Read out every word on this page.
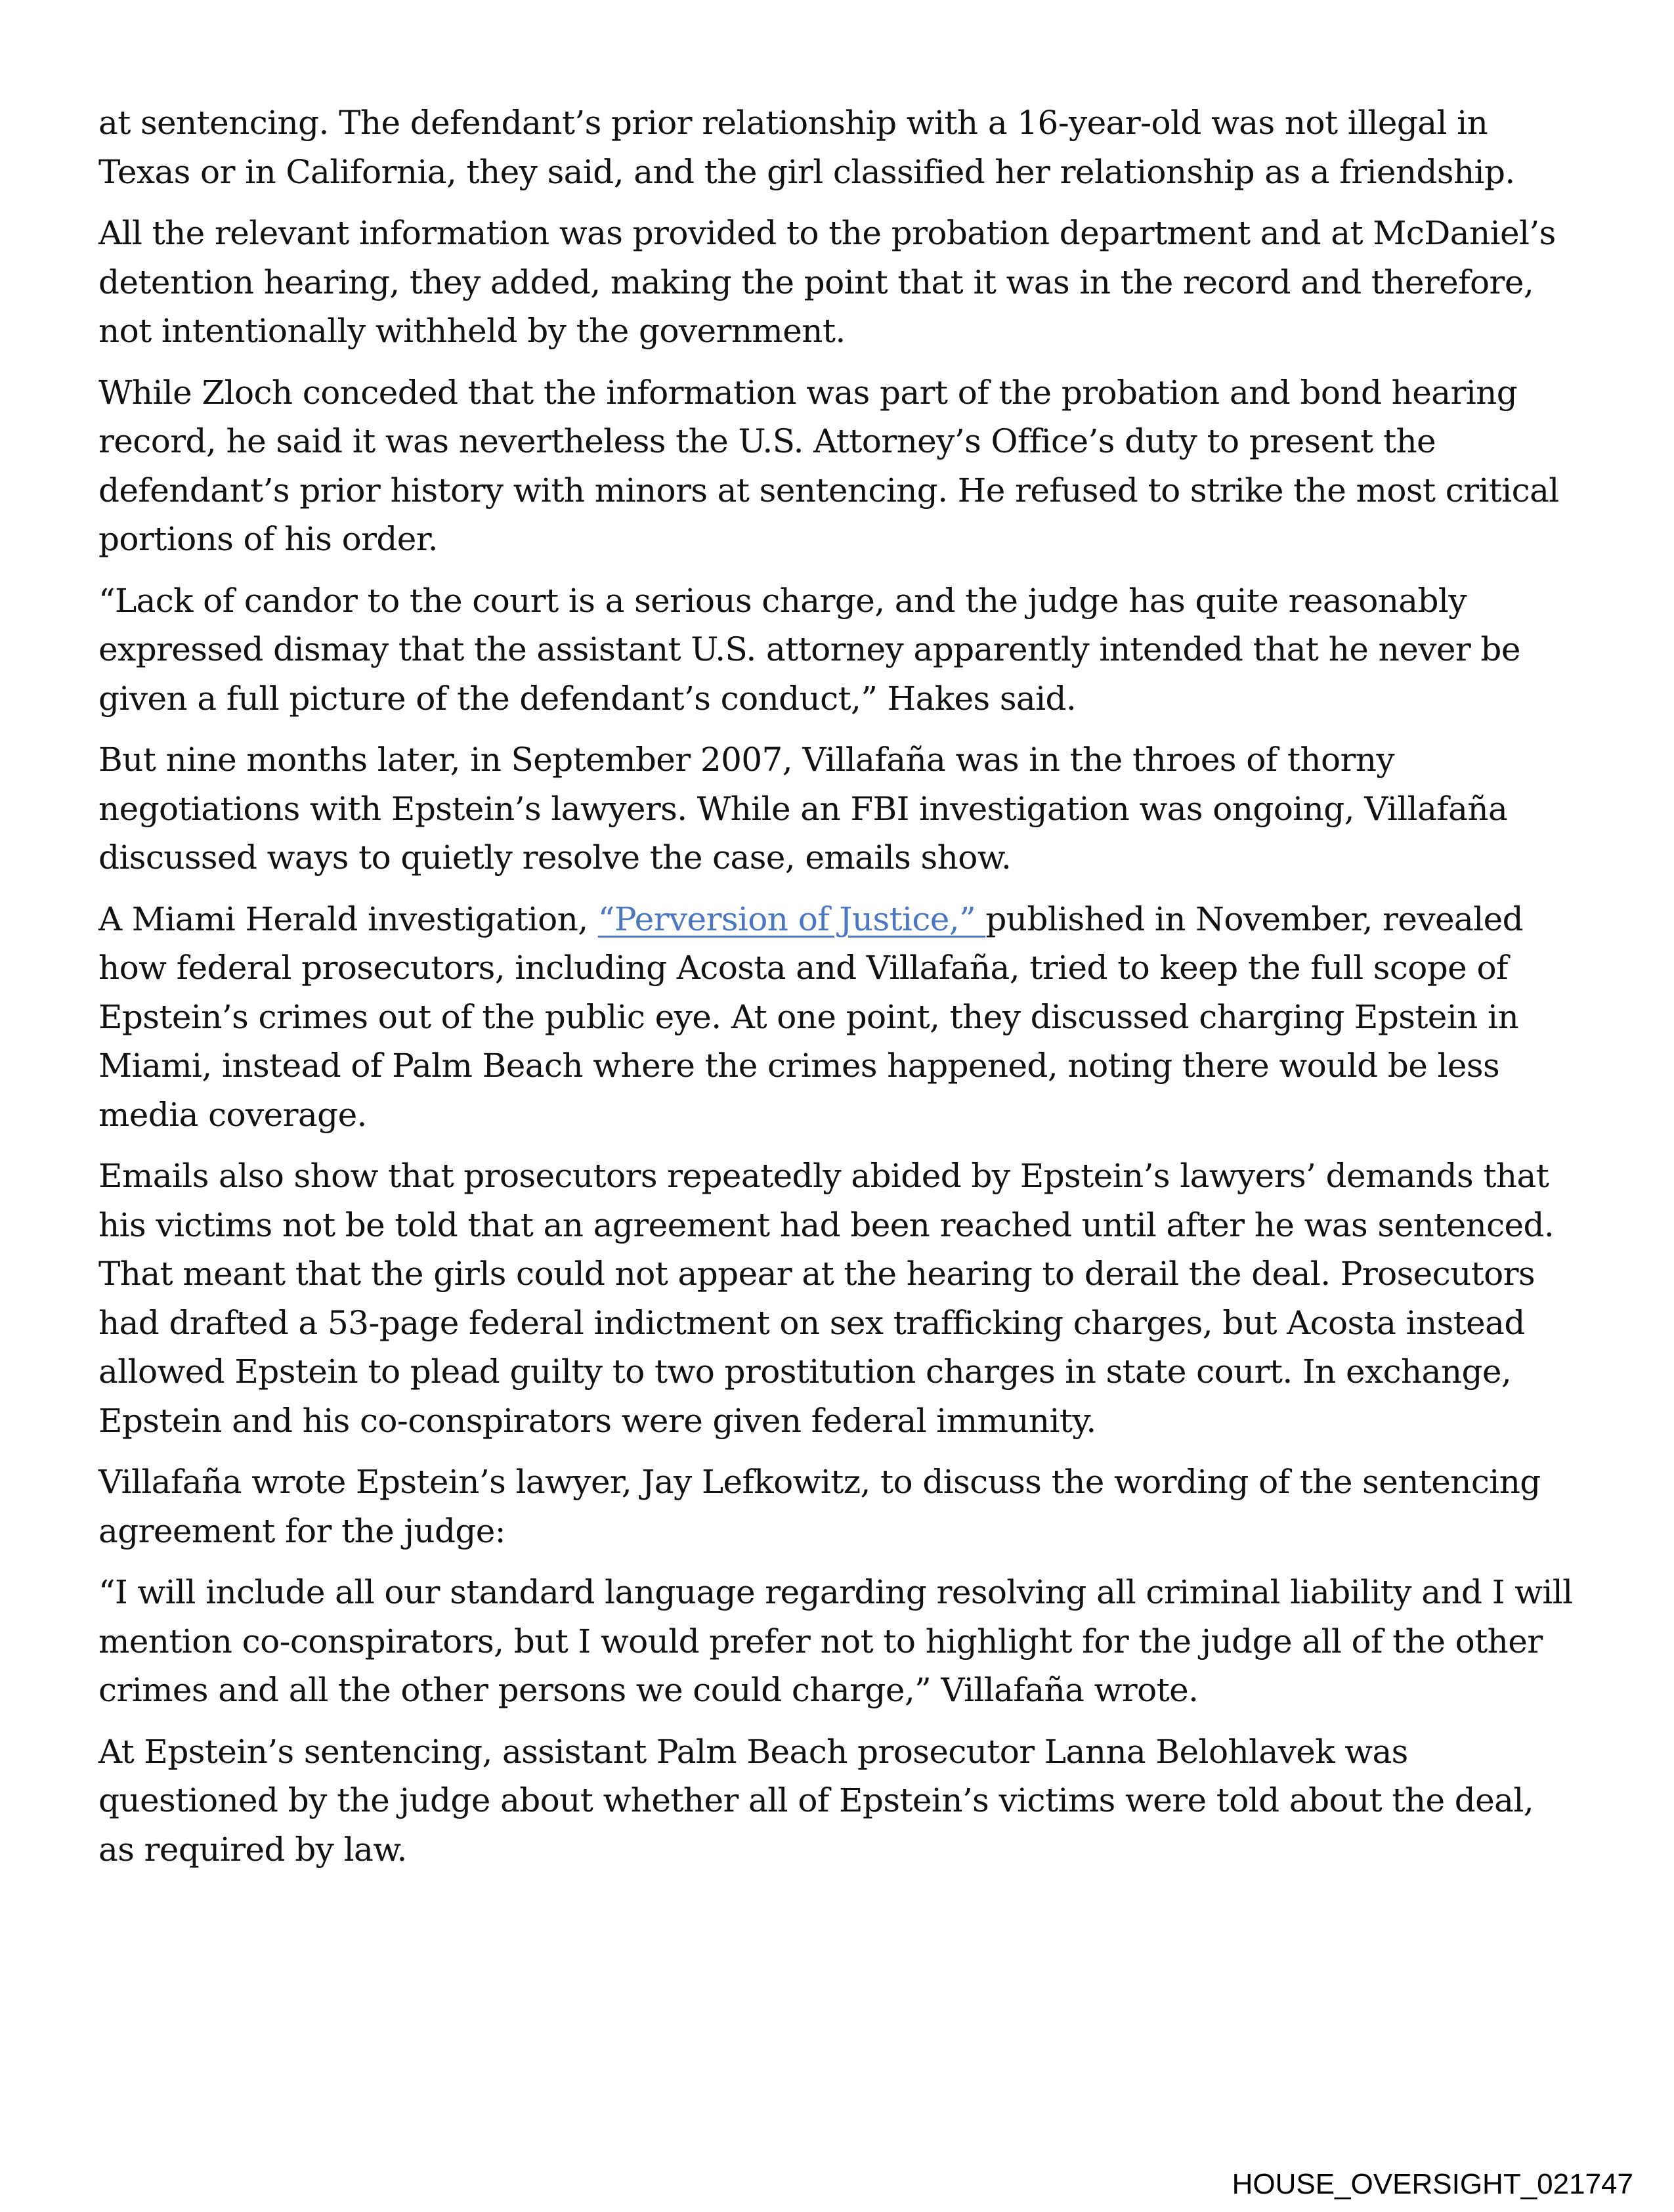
at sentencing. The defendant’s prior relationship with a 16-year-old was not illegal in Texas or in California, they said, and the girl classified her relationship as a friendship.

All the relevant information was provided to the probation department and at McDaniel’s detention hearing, they added, making the point that it was in the record and therefore, not intentionally withheld by the government.

While Zloch conceded that the information was part of the probation and bond hearing record, he said it was nevertheless the U.S. Attorney’s Office’s duty to present the defendant’s prior history with minors at sentencing. He refused to strike the most critical portions of his order.

“Lack of candor to the court is a serious charge, and the judge has quite reasonably expressed dismay that the assistant U.S. attorney apparently intended that he never be given a full picture of the defendant’s conduct,” Hakes said.

But nine months later, in September 2007, Villafaña was in the throes of thorny negotiations with Epstein’s lawyers. While an FBI investigation was ongoing, Villafaña discussed ways to quietly resolve the case, emails show.

A Miami Herald investigation, “Perversion of Justice,” published in November, revealed how federal prosecutors, including Acosta and Villafaña, tried to keep the full scope of Epstein’s crimes out of the public eye. At one point, they discussed charging Epstein in Miami, instead of Palm Beach where the crimes happened, noting there would be less media coverage.

Emails also show that prosecutors repeatedly abided by Epstein’s lawyers’ demands that his victims not be told that an agreement had been reached until after he was sentenced. That meant that the girls could not appear at the hearing to derail the deal. Prosecutors had drafted a 53-page federal indictment on sex trafficking charges, but Acosta instead allowed Epstein to plead guilty to two prostitution charges in state court. In exchange, Epstein and his co-conspirators were given federal immunity.

Villafaña wrote Epstein’s lawyer, Jay Lefkowitz, to discuss the wording of the sentencing agreement for the judge:

“I will include all our standard language regarding resolving all criminal liability and I will mention co-conspirators, but I would prefer not to highlight for the judge all of the other crimes and all the other persons we could charge,” Villafaña wrote.

At Epstein’s sentencing, assistant Palm Beach prosecutor Lanna Belohlavek was questioned by the judge about whether all of Epstein’s victims were told about the deal, as required by law.

HOUSE_OVERSIGHT_021747
